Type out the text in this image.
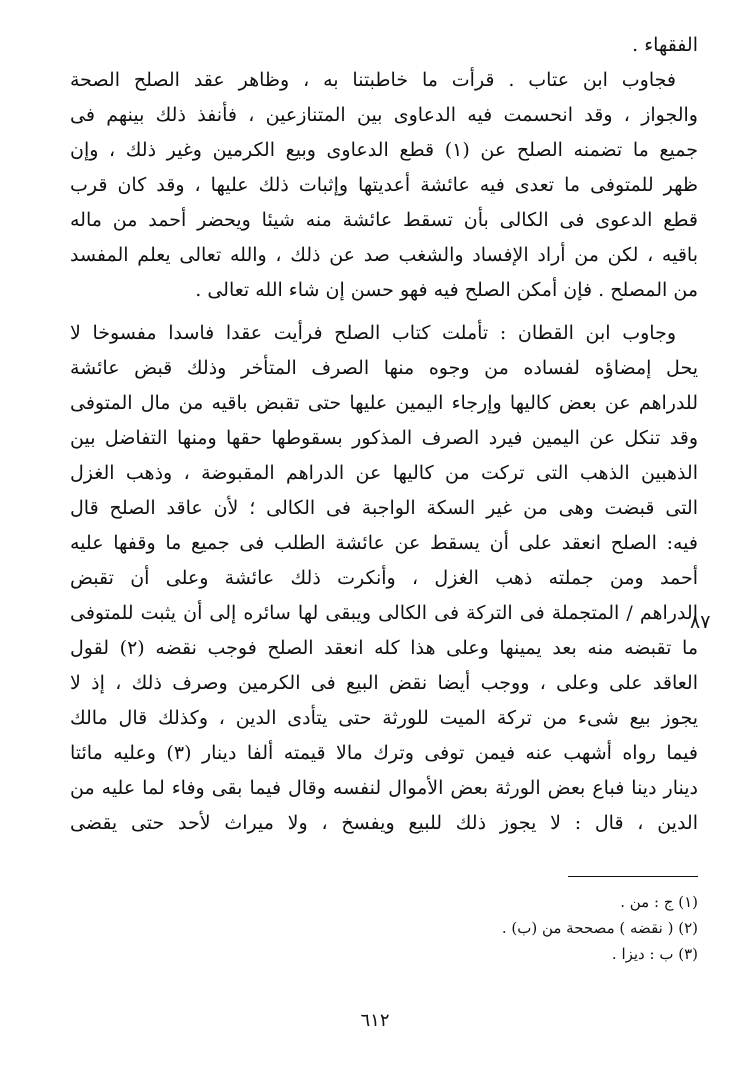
الفقهاء .
فجاوب ابن عتاب . قرأت ما خاطبتنا به ، وظاهر عقد الصلح الصحة
والجواز ، وقد انحسمت فيه الدعاوى بين المتنازعين ، فأنفذ ذلك بينهم فى
جميع ما تضمنه الصلح عن (١) قطع الدعاوى وبيع الكرمين وغير ذلك ، وإن
ظهر للمتوفى ما تعدى فيه عائشة أعديتها وإثبات ذلك عليها ، وقد كان قرب
قطع الدعوى فى الكالى بأن تسقط عائشة منه شيئا ويحضر أحمد من ماله
باقيه ، لكن من أراد الإفساد والشغب صد عن ذلك ، والله تعالى يعلم المفسد
من المصلح . فإن أمكن الصلح فيه فهو حسن إن شاء الله تعالى .
وجاوب ابن القطان : تأملت كتاب الصلح فرأيت عقدا فاسدا مفسوخا لا
يحل إمضاؤه لفساده من وجوه منها الصرف المتأخر وذلك قبض عائشة
للدراهم عن بعض كاليها وإرجاء اليمين عليها حتى تقبض باقيه من مال المتوفى
وقد تنكل عن اليمين فيرد الصرف المذكور بسقوطها حقها ومنها التفاضل بين
الذهبين الذهب التى تركت من كاليها عن الدراهم المقبوضة ، وذهب الغزل
التى قبضت وهى من غير السكة الواجبة فى الكالى ؛ لأن عاقد الصلح قال
فيه: الصلح انعقد على أن يسقط عن عائشة الطلب فى جميع ما وقفها عليه
أحمد ومن جملته ذهب الغزل ، وأنكرت ذلك عائشة وعلى أن تقبض
الدراهم / المتجملة فى التركة فى الكالى ويبقى لها سائره إلى أن يثبت للمتوفى
ما تقبضه منه بعد يمينها وعلى هذا كله انعقد الصلح فوجب نقضه (٢) لقول
العاقد على وعلى ، ووجب أيضا نقض البيع فى الكرمين وصرف ذلك ، إذ لا
يجوز بيع شىء من تركة الميت للورثة حتى يتأدى الدين ، وكذلك قال مالك
فيما رواه أشهب عنه فيمن توفى وترك مالا قيمته ألفا دينار (٣) وعليه مائتا
دينار دينا فباع بعض الورثة بعض الأموال لنفسه وقال فيما بقى وفاء لما عليه من
الدين ، قال : لا يجوز ذلك للبيع ويفسخ ، ولا ميراث لأحد حتى يقضى
٨٧
(١) ج : من .
(٢) ( نقضه ) مصححة من (ب) .
(٣) ب : ديزا .
٦١٢
